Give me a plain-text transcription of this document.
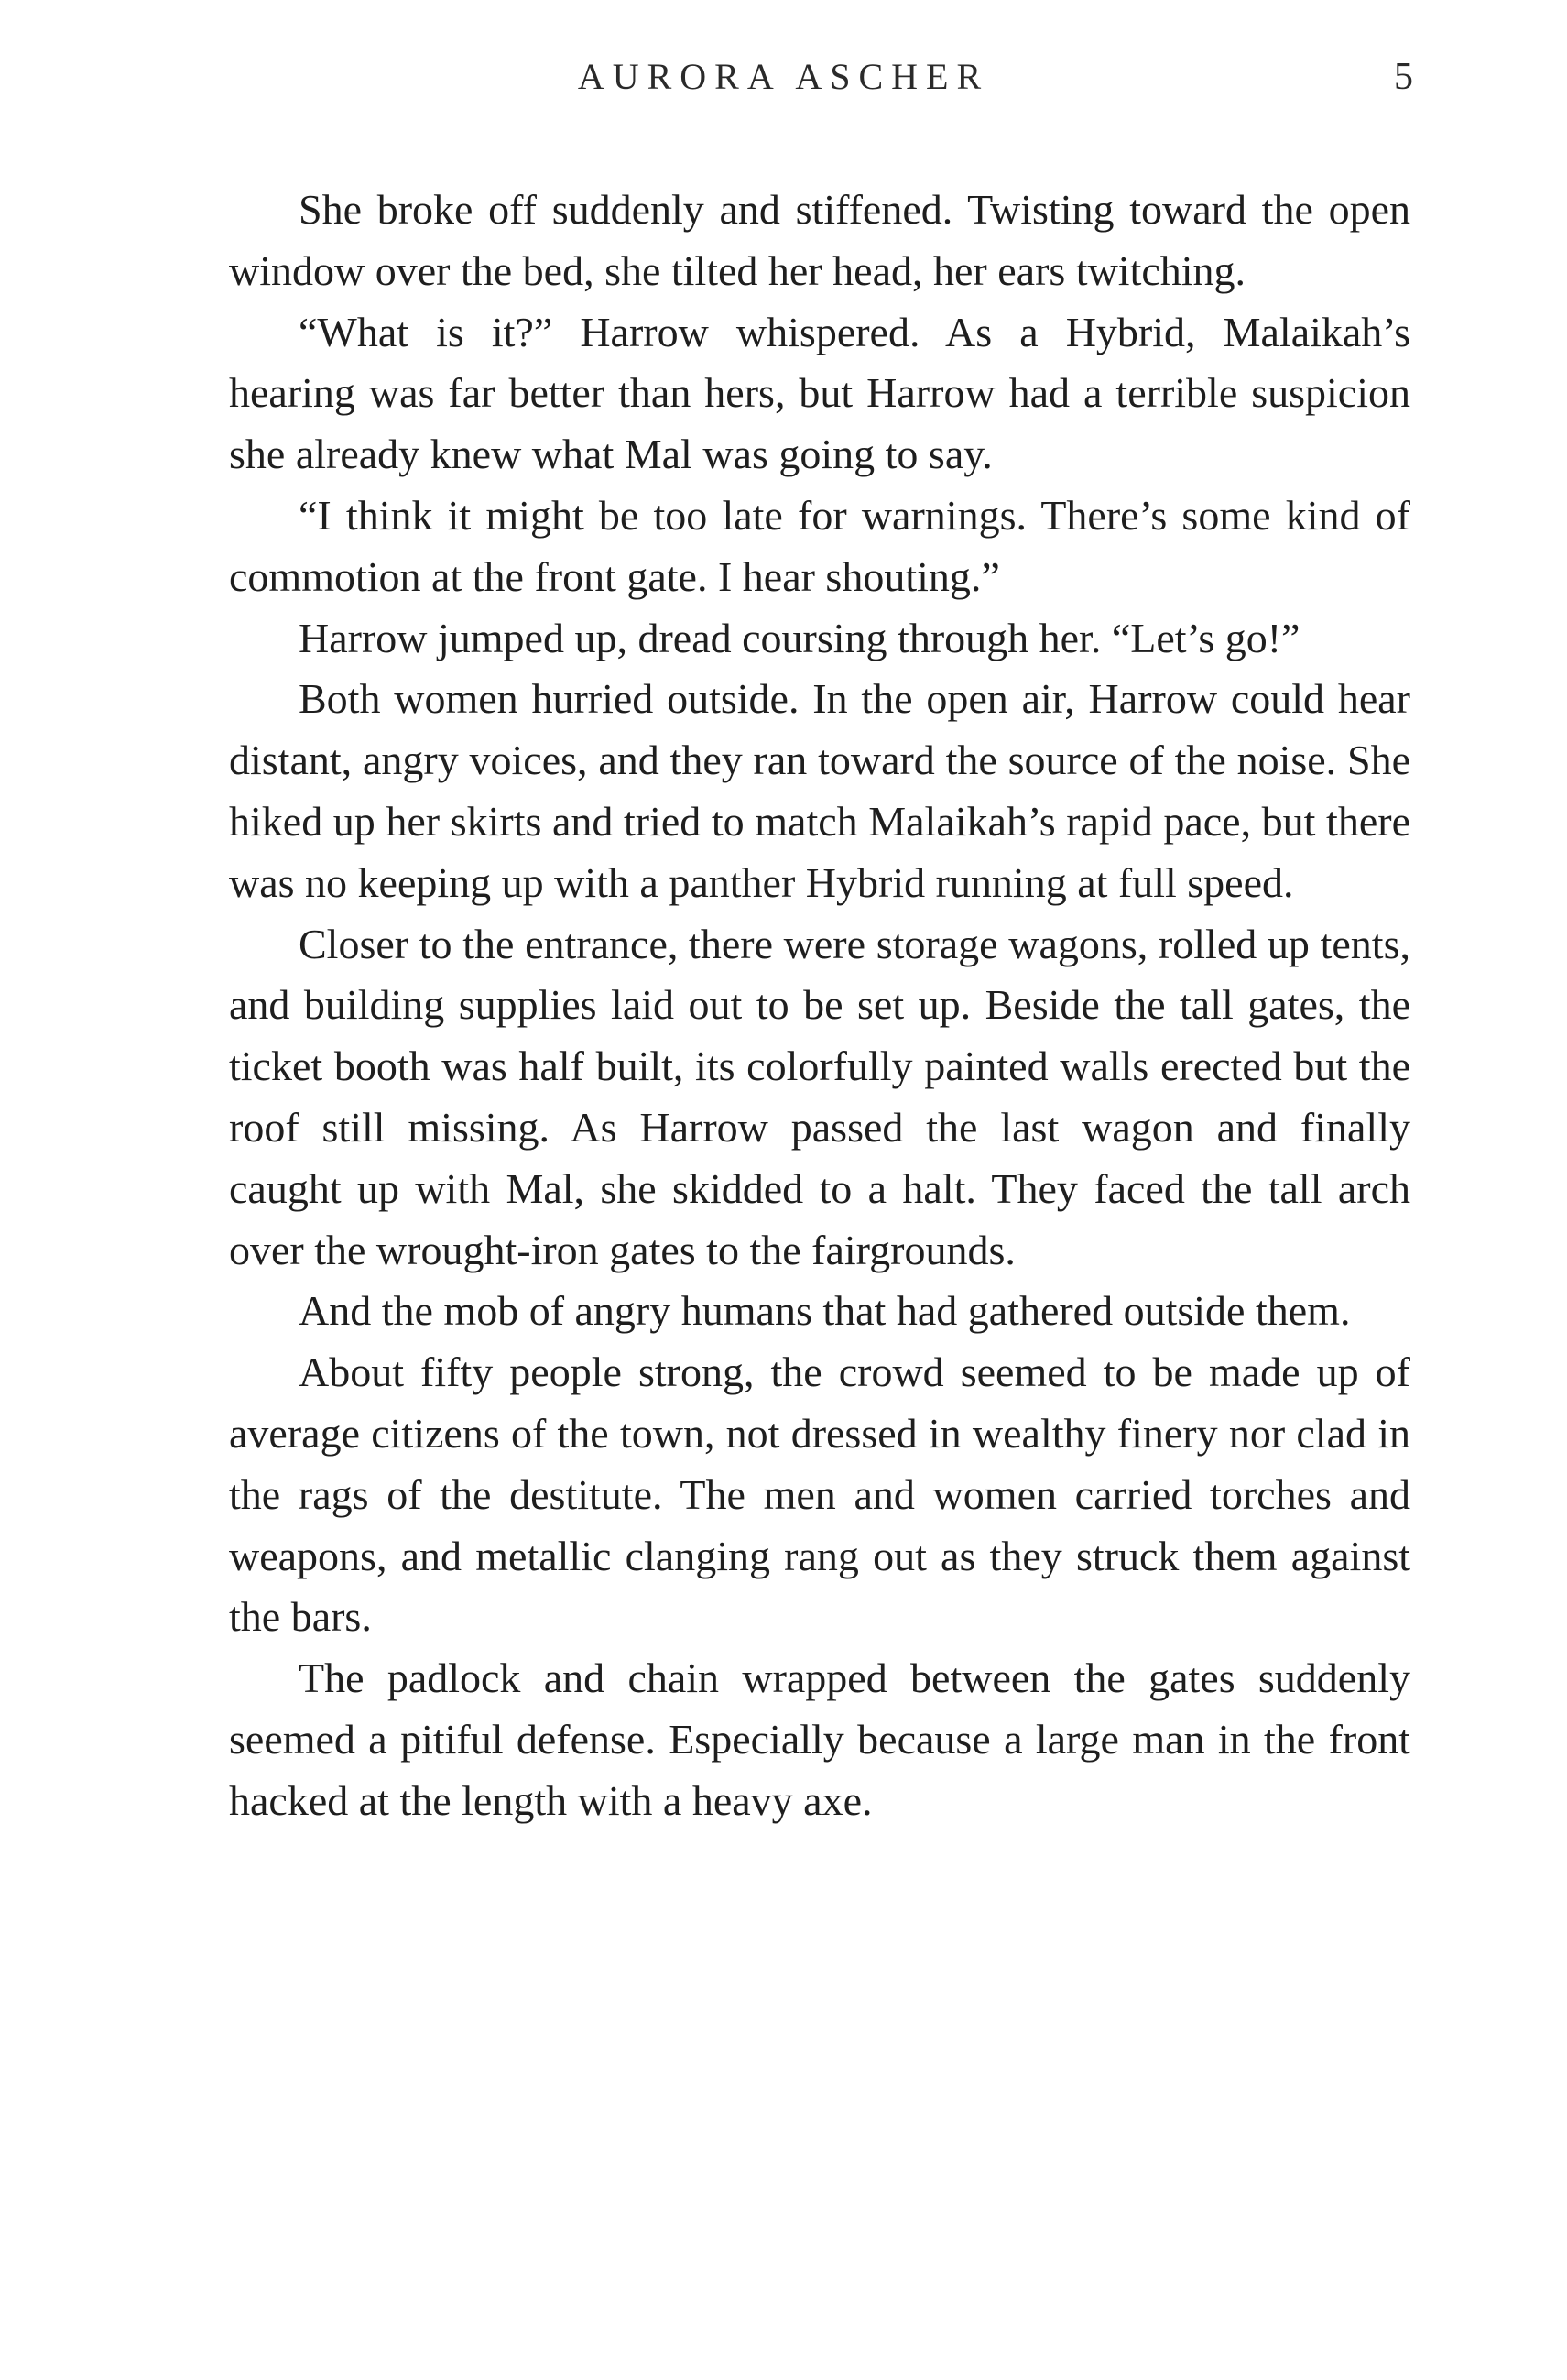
AURORA ASCHER	5

She broke off suddenly and stiffened. Twisting toward the open window over the bed, she tilted her head, her ears twitching.

“What is it?” Harrow whispered. As a Hybrid, Malaikah’s hearing was far better than hers, but Harrow had a terrible suspicion she already knew what Mal was going to say.

“I think it might be too late for warnings. There’s some kind of commotion at the front gate. I hear shouting.”

Harrow jumped up, dread coursing through her. “Let’s go!”

Both women hurried outside. In the open air, Harrow could hear distant, angry voices, and they ran toward the source of the noise. She hiked up her skirts and tried to match Malaikah’s rapid pace, but there was no keeping up with a panther Hybrid running at full speed.

Closer to the entrance, there were storage wagons, rolled up tents, and building supplies laid out to be set up. Beside the tall gates, the ticket booth was half built, its colorfully painted walls erected but the roof still missing. As Harrow passed the last wagon and finally caught up with Mal, she skidded to a halt. They faced the tall arch over the wrought-iron gates to the fairgrounds.

And the mob of angry humans that had gathered outside them.

About fifty people strong, the crowd seemed to be made up of average citizens of the town, not dressed in wealthy finery nor clad in the rags of the destitute. The men and women carried torches and weapons, and metallic clanging rang out as they struck them against the bars.

The padlock and chain wrapped between the gates suddenly seemed a pitiful defense. Especially because a large man in the front hacked at the length with a heavy axe.
